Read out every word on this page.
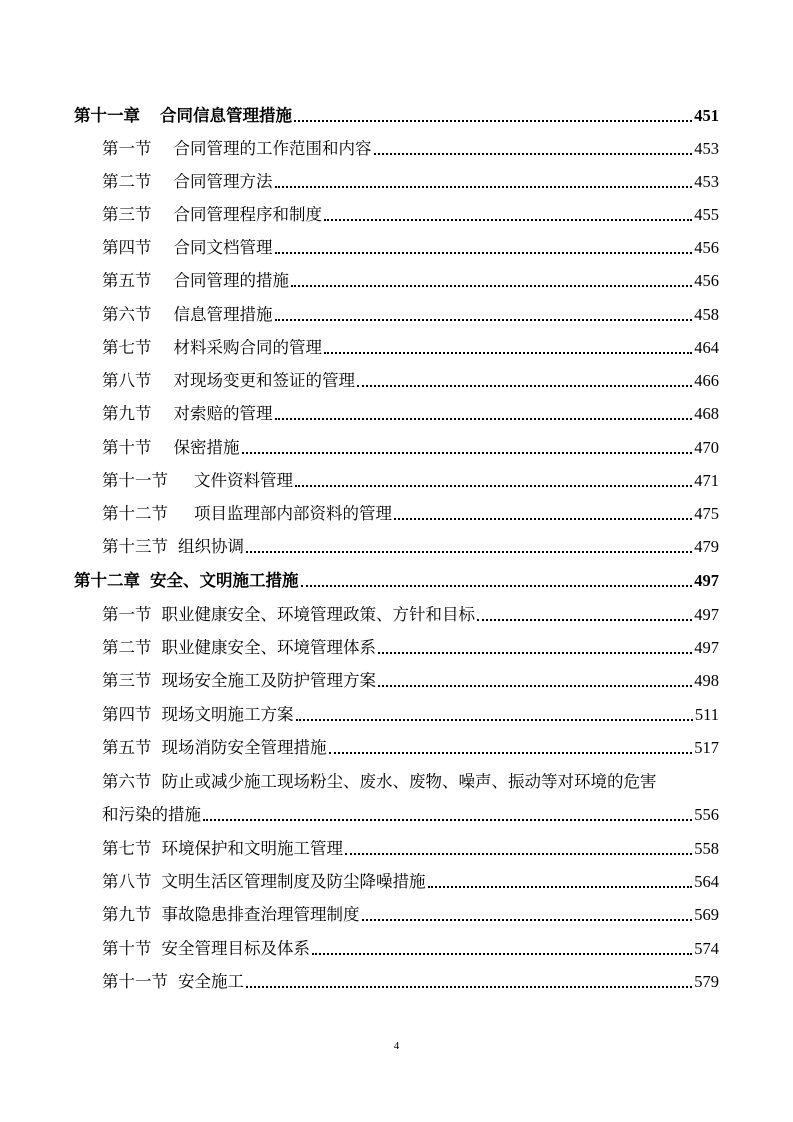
第十一章 合同信息管理措施	451
第一节 合同管理的工作范围和内容	453
第二节 合同管理方法	453
第三节 合同管理程序和制度	455
第四节 合同文档管理	456
第五节 合同管理的措施	456
第六节 信息管理措施	458
第七节 材料采购合同的管理	464
第八节 对现场变更和签证的管理	466
第九节 对索赔的管理	468
第十节 保密措施	470
第十一节 文件资料管理	471
第十二节 项目监理部内部资料的管理	475
第十三节 组织协调	479
第十二章 安全、文明施工措施	497
第一节 职业健康安全、环境管理政策、方针和目标	497
第二节 职业健康安全、环境管理体系	497
第三节 现场安全施工及防护管理方案	498
第四节 现场文明施工方案	511
第五节 现场消防安全管理措施	517
第六节 防止或减少施工现场粉尘、废水、废物、噪声、振动等对环境的危害
和污染的措施	556
第七节 环境保护和文明施工管理	558
第八节 文明生活区管理制度及防尘降噪措施	564
第九节 事故隐患排查治理管理制度	569
第十节 安全管理目标及体系	574
第十一节 安全施工	579
4
